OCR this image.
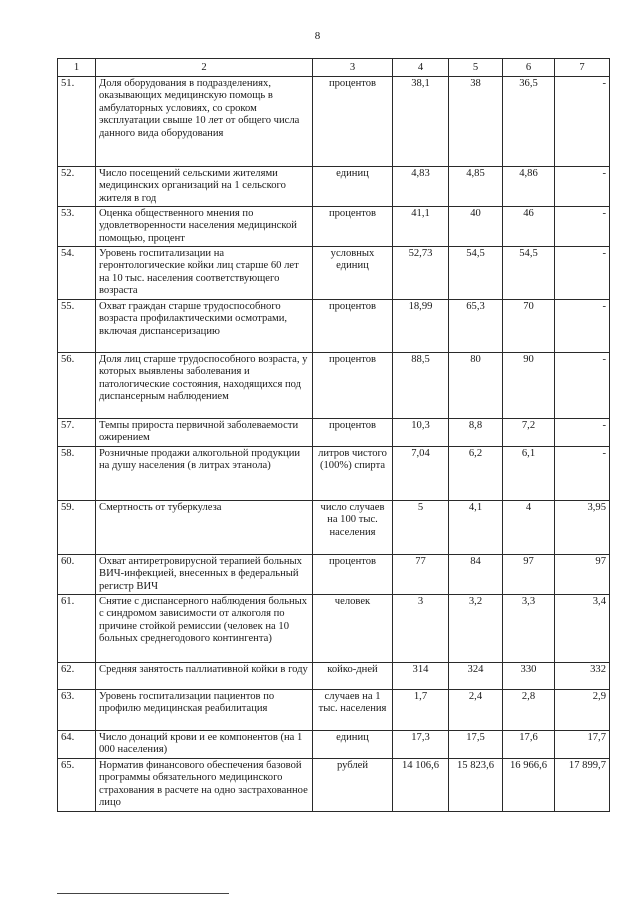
8
1	2	3	4	5	6	7
51.	Доля оборудования в подразделениях, оказывающих медицинскую помощь в амбулаторных условиях, со сроком эксплуатации свыше 10 лет от общего числа данного вида оборудования	процентов	38,1	38	36,5	-
52.	Число посещений сельскими жителями медицинских организаций на 1 сельского жителя в год	единиц	4,83	4,85	4,86	-
53.	Оценка общественного мнения по удовлетворенности населения медицинской помощью, процент	процентов	41,1	40	46	-
54.	Уровень госпитализации на геронтологические койки лиц старше 60 лет на 10 тыс. населения соответствующего возраста	условных единиц	52,73	54,5	54,5	-
55.	Охват граждан старше трудоспособного возраста профилактическими осмотрами, включая диспансеризацию	процентов	18,99	65,3	70	-
56.	Доля лиц старше трудоспособного возраста, у которых выявлены заболевания и патологические состояния, находящихся под диспансерным наблюдением	процентов	88,5	80	90	-
57.	Темпы прироста первичной заболеваемости ожирением	процентов	10,3	8,8	7,2	-
58.	Розничные продажи алкогольной продукции на душу населения (в литрах этанола)	литров чистого (100%) спирта	7,04	6,2	6,1	-
59.	Смертность от туберкулеза	число случаев на 100 тыс. населения	5	4,1	4	3,95
60.	Охват антиретровирусной терапией больных ВИЧ-инфекцией, внесенных в федеральный регистр ВИЧ	процентов	77	84	97	97
61.	Снятие с диспансерного наблюдения больных с синдромом зависимости от алкоголя по причине стойкой ремиссии (человек на 10 больных среднегодового контингента)	человек	3	3,2	3,3	3,4
62.	Средняя занятость паллиативной койки в году	койко-дней	314	324	330	332
63.	Уровень госпитализации пациентов по профилю медицинская реабилитация	случаев на 1 тыс. населения	1,7	2,4	2,8	2,9
64.	Число донаций крови и ее компонентов (на 1 000 населения)	единиц	17,3	17,5	17,6	17,7
65.	Норматив финансового обеспечения базовой программы обязательного медицинского страхования в расчете на одно застрахованное лицо	рублей	14 106,6	15 823,6	16 966,6	17 899,7
